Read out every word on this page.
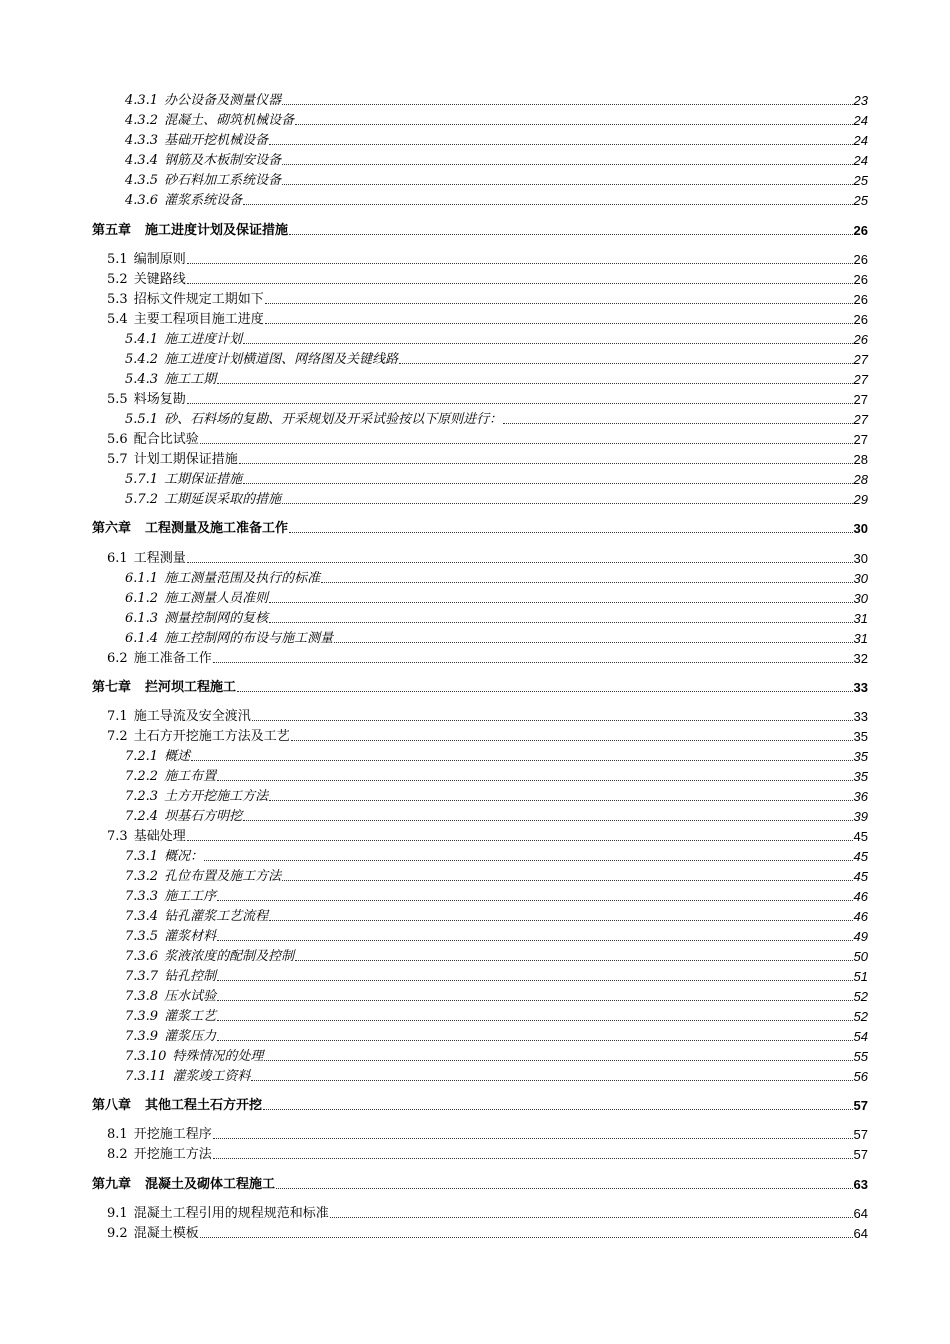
4.3.1 办公设备及测量仪器	23
4.3.2 混凝土、砌筑机械设备	24
4.3.3 基础开挖机械设备	24
4.3.4 钢筋及木板制安设备	24
4.3.5 砂石料加工系统设备	25
4.3.6 灌浆系统设备	25
第五章 施工进度计划及保证措施	26
5.1 编制原则	26
5.2 关键路线	26
5.3 招标文件规定工期如下	26
5.4 主要工程项目施工进度	26
5.4.1 施工进度计划	26
5.4.2 施工进度计划横道图、网络图及关键线路	27
5.4.3 施工工期	27
5.5 料场复勘	27
5.5.1 砂、石料场的复勘、开采规划及开采试验按以下原则进行：	27
5.6 配合比试验	27
5.7 计划工期保证措施	28
5.7.1 工期保证措施	28
5.7.2 工期延误采取的措施	29
第六章 工程测量及施工准备工作	30
6.1 工程测量	30
6.1.1 施工测量范围及执行的标准	30
6.1.2 施工测量人员准则	30
6.1.3 测量控制网的复核	31
6.1.4 施工控制网的布设与施工测量	31
6.2 施工准备工作	32
第七章 拦河坝工程施工	33
7.1 施工导流及安全渡汛	33
7.2 土石方开挖施工方法及工艺	35
7.2.1 概述	35
7.2.2 施工布置	35
7.2.3 土方开挖施工方法	36
7.2.4 坝基石方明挖	39
7.3 基础处理	45
7.3.1 概况：	45
7.3.2 孔位布置及施工方法	45
7.3.3 施工工序	46
7.3.4 钻孔灌浆工艺流程	46
7.3.5 灌浆材料	49
7.3.6 浆液浓度的配制及控制	50
7.3.7 钻孔控制	51
7.3.8 压水试验	52
7.3.9 灌浆工艺	52
7.3.9 灌浆压力	54
7.3.10 特殊情况的处理	55
7.3.11 灌浆竣工资料	56
第八章 其他工程土石方开挖	57
8.1 开挖施工程序	57
8.2 开挖施工方法	57
第九章 混凝土及砌体工程施工	63
9.1 混凝土工程引用的规程规范和标准	64
9.2 混凝土模板	64
